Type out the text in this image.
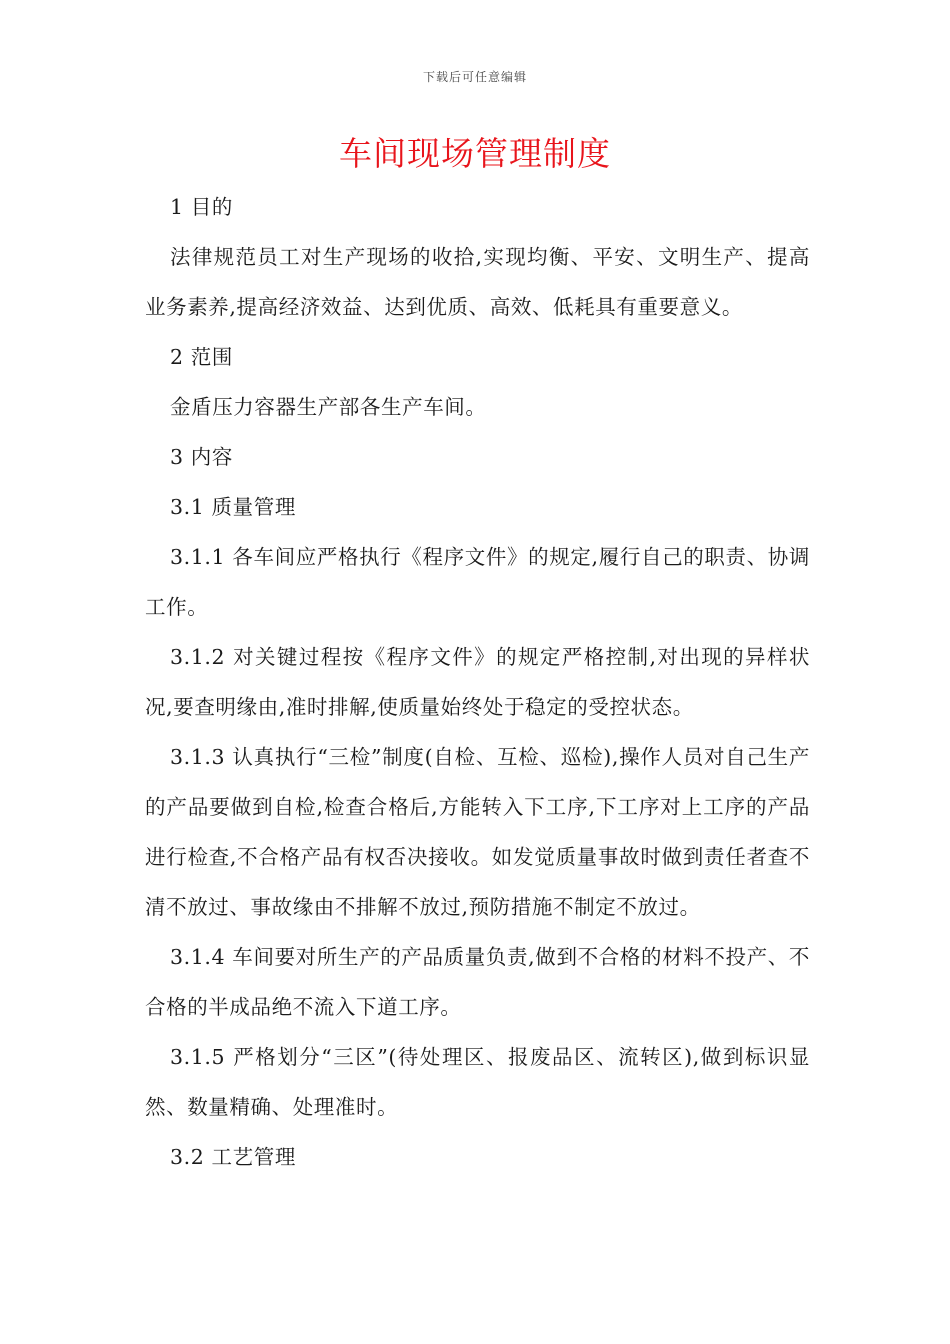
下载后可任意编辑
车间现场管理制度

1 目的

法律规范员工对生产现场的收拾,实现均衡、平安、文明生产、提高业务素养,提高经济效益、达到优质、高效、低耗具有重要意义。

2 范围

金盾压力容器生产部各生产车间。

3 内容

3.1 质量管理

3.1.1 各车间应严格执行《程序文件》的规定,履行自己的职责、协调工作。

3.1.2 对关键过程按《程序文件》的规定严格控制,对出现的异样状况,要查明缘由,准时排解,使质量始终处于稳定的受控状态。

3.1.3 认真执行“三检”制度(自检、互检、巡检),操作人员对自己生产的产品要做到自检,检查合格后,方能转入下工序,下工序对上工序的产品进行检查,不合格产品有权否决接收。如发觉质量事故时做到责任者查不清不放过、事故缘由不排解不放过,预防措施不制定不放过。

3.1.4 车间要对所生产的产品质量负责,做到不合格的材料不投产、不合格的半成品绝不流入下道工序。

3.1.5 严格划分“三区”(待处理区、报废品区、流转区),做到标识显然、数量精确、处理准时。

3.2 工艺管理
